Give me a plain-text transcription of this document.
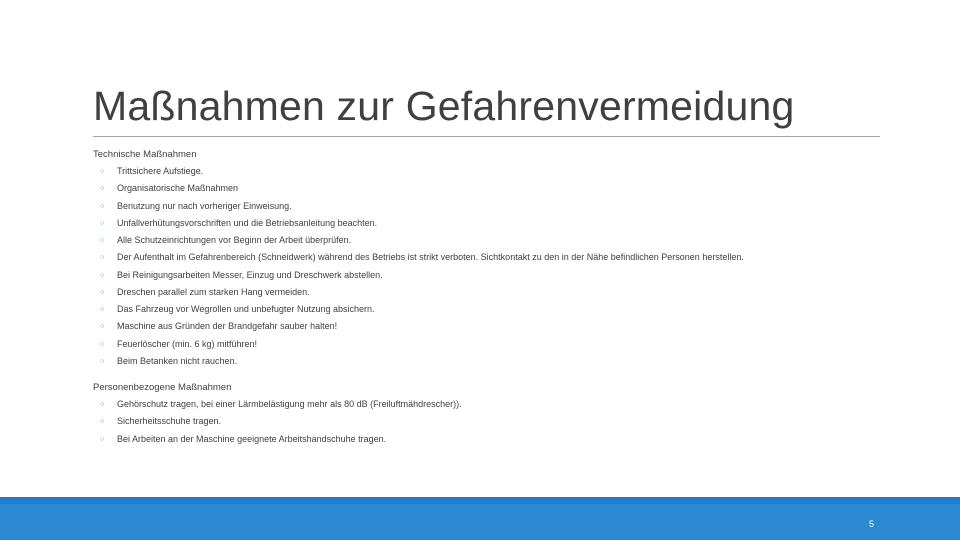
Maßnahmen zur Gefahrenvermeidung
Technische Maßnahmen
○	Trittsichere Aufstiege.
○	Organisatorische Maßnahmen
○	Benutzung nur nach vorheriger Einweisung.
○	Unfallverhütungsvorschriften und die Betriebsanleitung beachten.
○	Alle Schutzeinrichtungen vor Beginn der Arbeit überprüfen.
○	Der Aufenthalt im Gefahrenbereich (Schneidwerk) während des Betriebs ist strikt verboten. Sichtkontakt zu den in der Nähe befindlichen Personen herstellen.
○	Bei Reinigungsarbeiten Messer, Einzug und Dreschwerk abstellen.
○	Dreschen parallel zum starken Hang vermeiden.
○	Das Fahrzeug vor Wegrollen und unbefugter Nutzung absichern.
○	Maschine aus Gründen der Brandgefahr sauber halten!
○	Feuerlöscher (min. 6 kg) mitführen!
○	Beim Betanken nicht rauchen.
Personenbezogene Maßnahmen
○	Gehörschutz tragen, bei einer Lärmbelästigung mehr als 80 dB (Freiluftmähdrescher)).
○	Sicherheitsschuhe tragen.
○	Bei Arbeiten an der Maschine geeignete Arbeitshandschuhe tragen.
5
